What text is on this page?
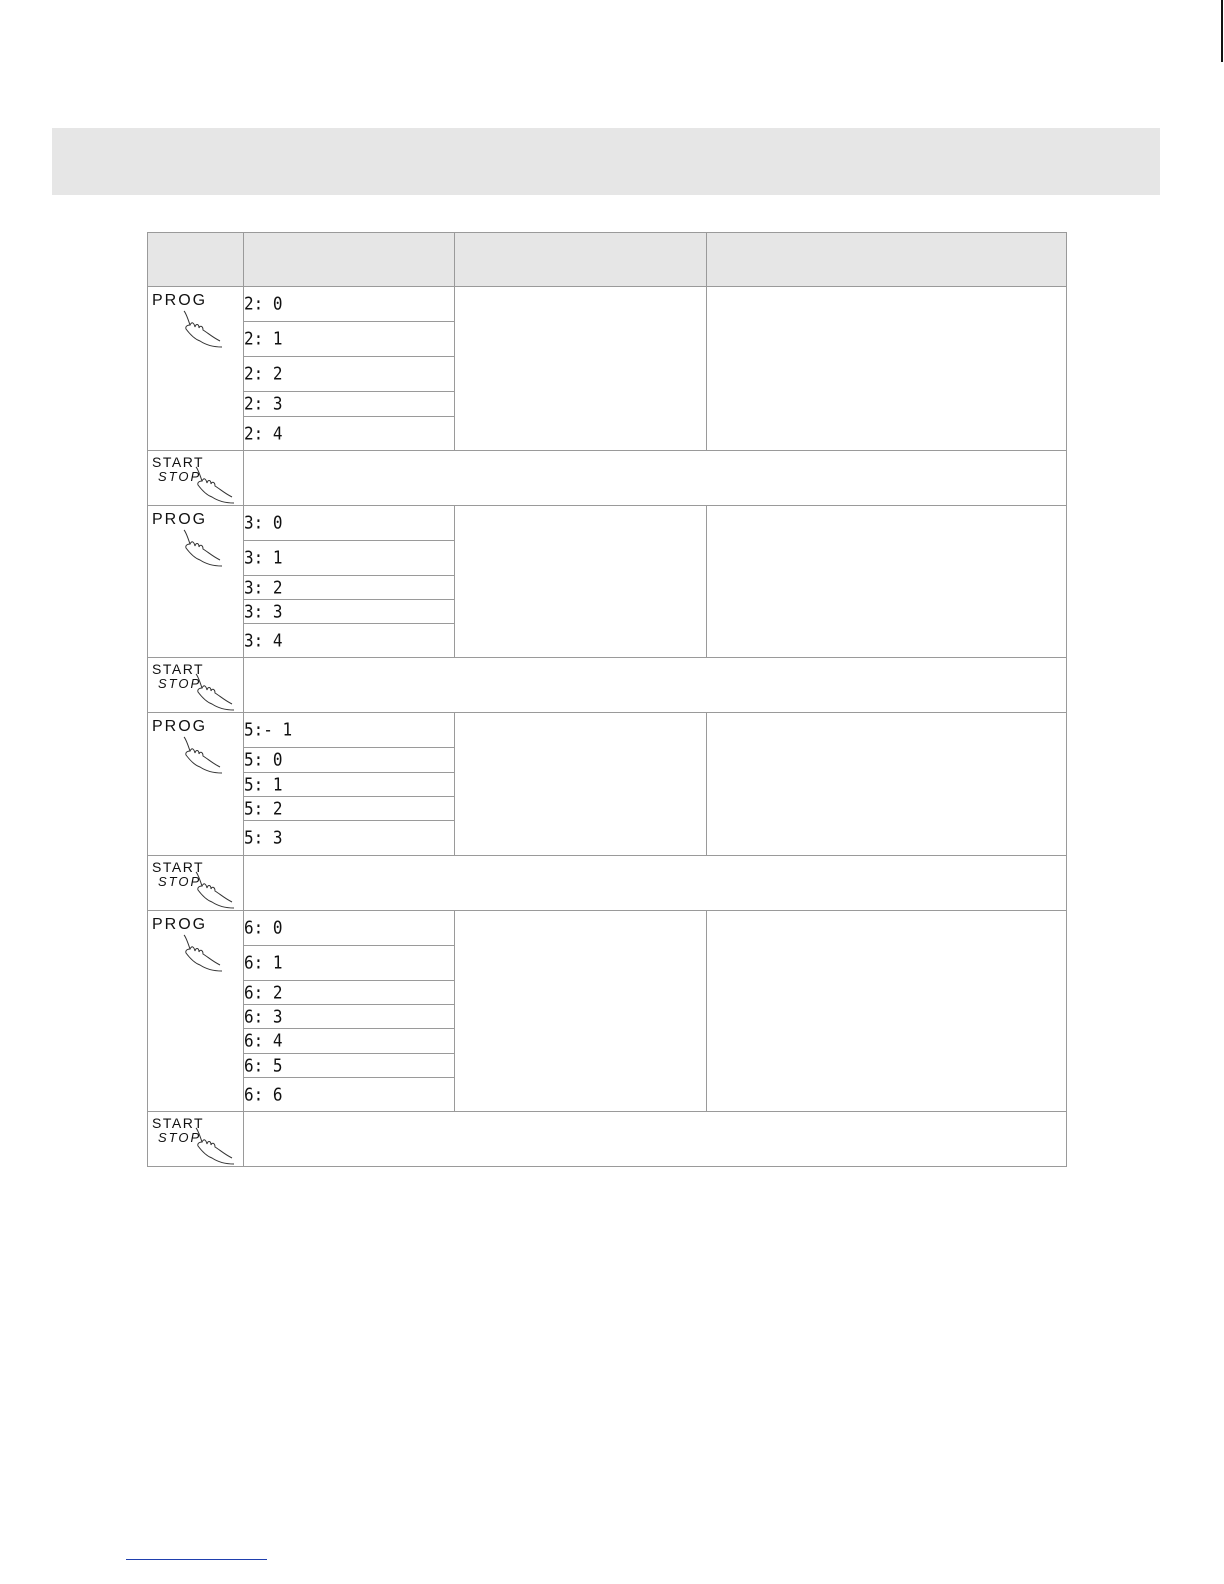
PROG	2: 0		
	2: 1		
	2: 2		
	2: 3		
	2: 4		

START
STOP			

PROG	3: 0		
	3: 1		
	3: 2		
	3: 3		
	3: 4		

START
STOP			

PROG	5:- 1		
	5: 0		
	5: 1		
	5: 2		
	5: 3		

START
STOP			

PROG	6: 0		
	6: 1		
	6: 2		
	6: 3		
	6: 4		
	6: 5		
	6: 6		

START
STOP			
